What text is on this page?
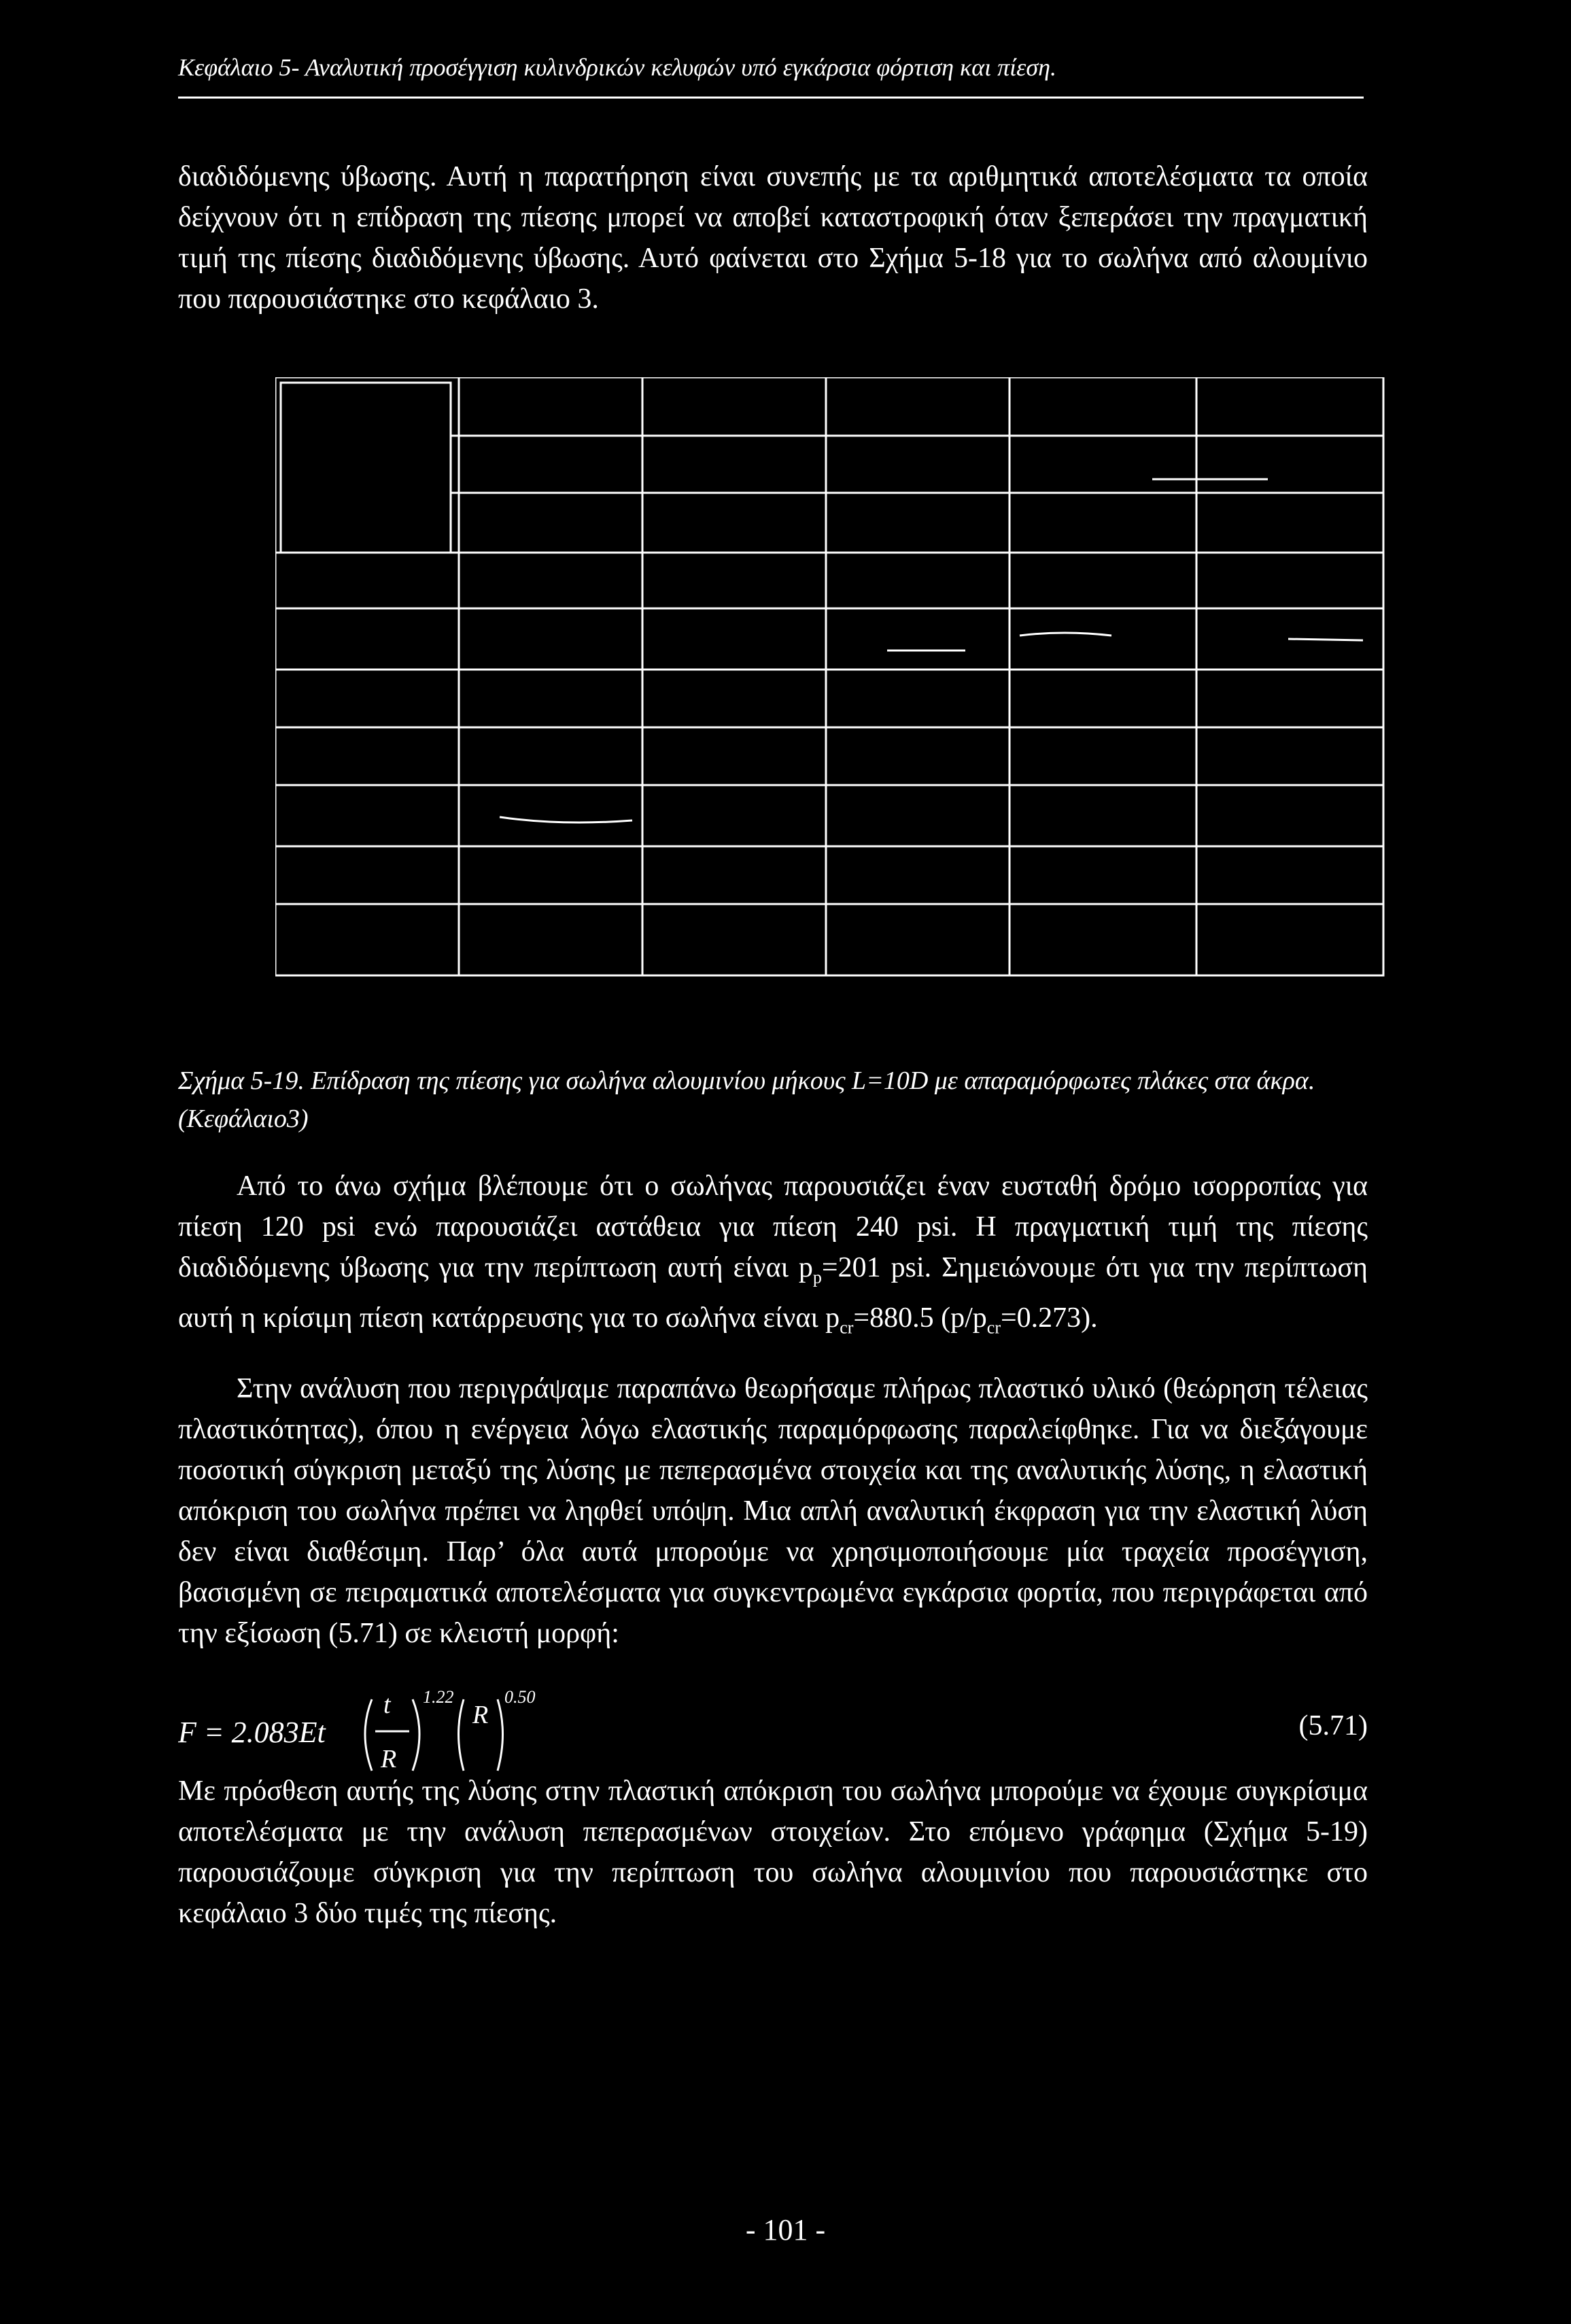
Κεφάλαιο 5- Αναλυτική προσέγγιση κυλινδρικών κελυφών υπό εγκάρσια φόρτιση και πίεση.

διαδιδόμενης ύβωσης. Αυτή η παρατήρηση είναι συνεπής με τα αριθμητικά αποτελέσματα τα οποία δείχνουν ότι η επίδραση της πίεσης μπορεί να αποβεί καταστροφική όταν ξεπεράσει την πραγματική τιμή της πίεσης διαδιδόμενης ύβωσης. Αυτό φαίνεται στο Σχήμα 5-18 για το σωλήνα από αλουμίνιο που παρουσιάστηκε στο κεφάλαιο 3.

Σχήμα 5-19. Επίδραση της πίεσης για σωλήνα αλουμινίου μήκους L=10D με απαραμόρφωτες πλάκες στα άκρα.(Κεφάλαιο3)

Από το άνω σχήμα βλέπουμε ότι ο σωλήνας παρουσιάζει έναν ευσταθή δρόμο ισορροπίας για πίεση 120 psi ενώ παρουσιάζει αστάθεια για πίεση 240 psi. Η πραγματική τιμή της πίεσης διαδιδόμενης ύβωσης για την περίπτωση αυτή είναι $p_p=201$ psi. Σημειώνουμε ότι για την περίπτωση αυτή η κρίσιμη πίεση κατάρρευσης για το σωλήνα είναι $p_{cr}=880.5$ $(p/p_{cr}=0.273)$.

Στην ανάλυση που περιγράψαμε παραπάνω θεωρήσαμε πλήρως πλαστικό υλικό (θεώρηση τέλειας πλαστικότητας), όπου η ενέργεια λόγω ελαστικής παραμόρφωσης παραλείφθηκε. Για να διεξάγουμε ποσοτική σύγκριση μεταξύ της λύσης με πεπερασμένα στοιχεία και της αναλυτικής λύσης, η ελαστική απόκριση του σωλήνα πρέπει να ληφθεί υπόψη. Μια απλή αναλυτική έκφραση για την ελαστική λύση δεν είναι διαθέσιμη. Παρ’ όλα αυτά μπορούμε να χρησιμοποιήσουμε μία τραχεία προσέγγιση, βασισμένη σε πειραματικά αποτελέσματα για συγκεντρωμένα εγκάρσια φορτία, που περιγράφεται από την εξίσωση (5.71) σε κλειστή μορφή:

F = 2.083Et
t
R
1.22
R
0.50
(5.71)

Με πρόσθεση αυτής της λύσης στην πλαστική απόκριση του σωλήνα μπορούμε να έχουμε συγκρίσιμα αποτελέσματα με την ανάλυση πεπερασμένων στοιχείων. Στο επόμενο γράφημα (Σχήμα 5-19) παρουσιάζουμε σύγκριση για την περίπτωση του σωλήνα αλουμινίου που παρουσιάστηκε στο κεφάλαιο 3 δύο τιμές της πίεσης.

- 101 -
